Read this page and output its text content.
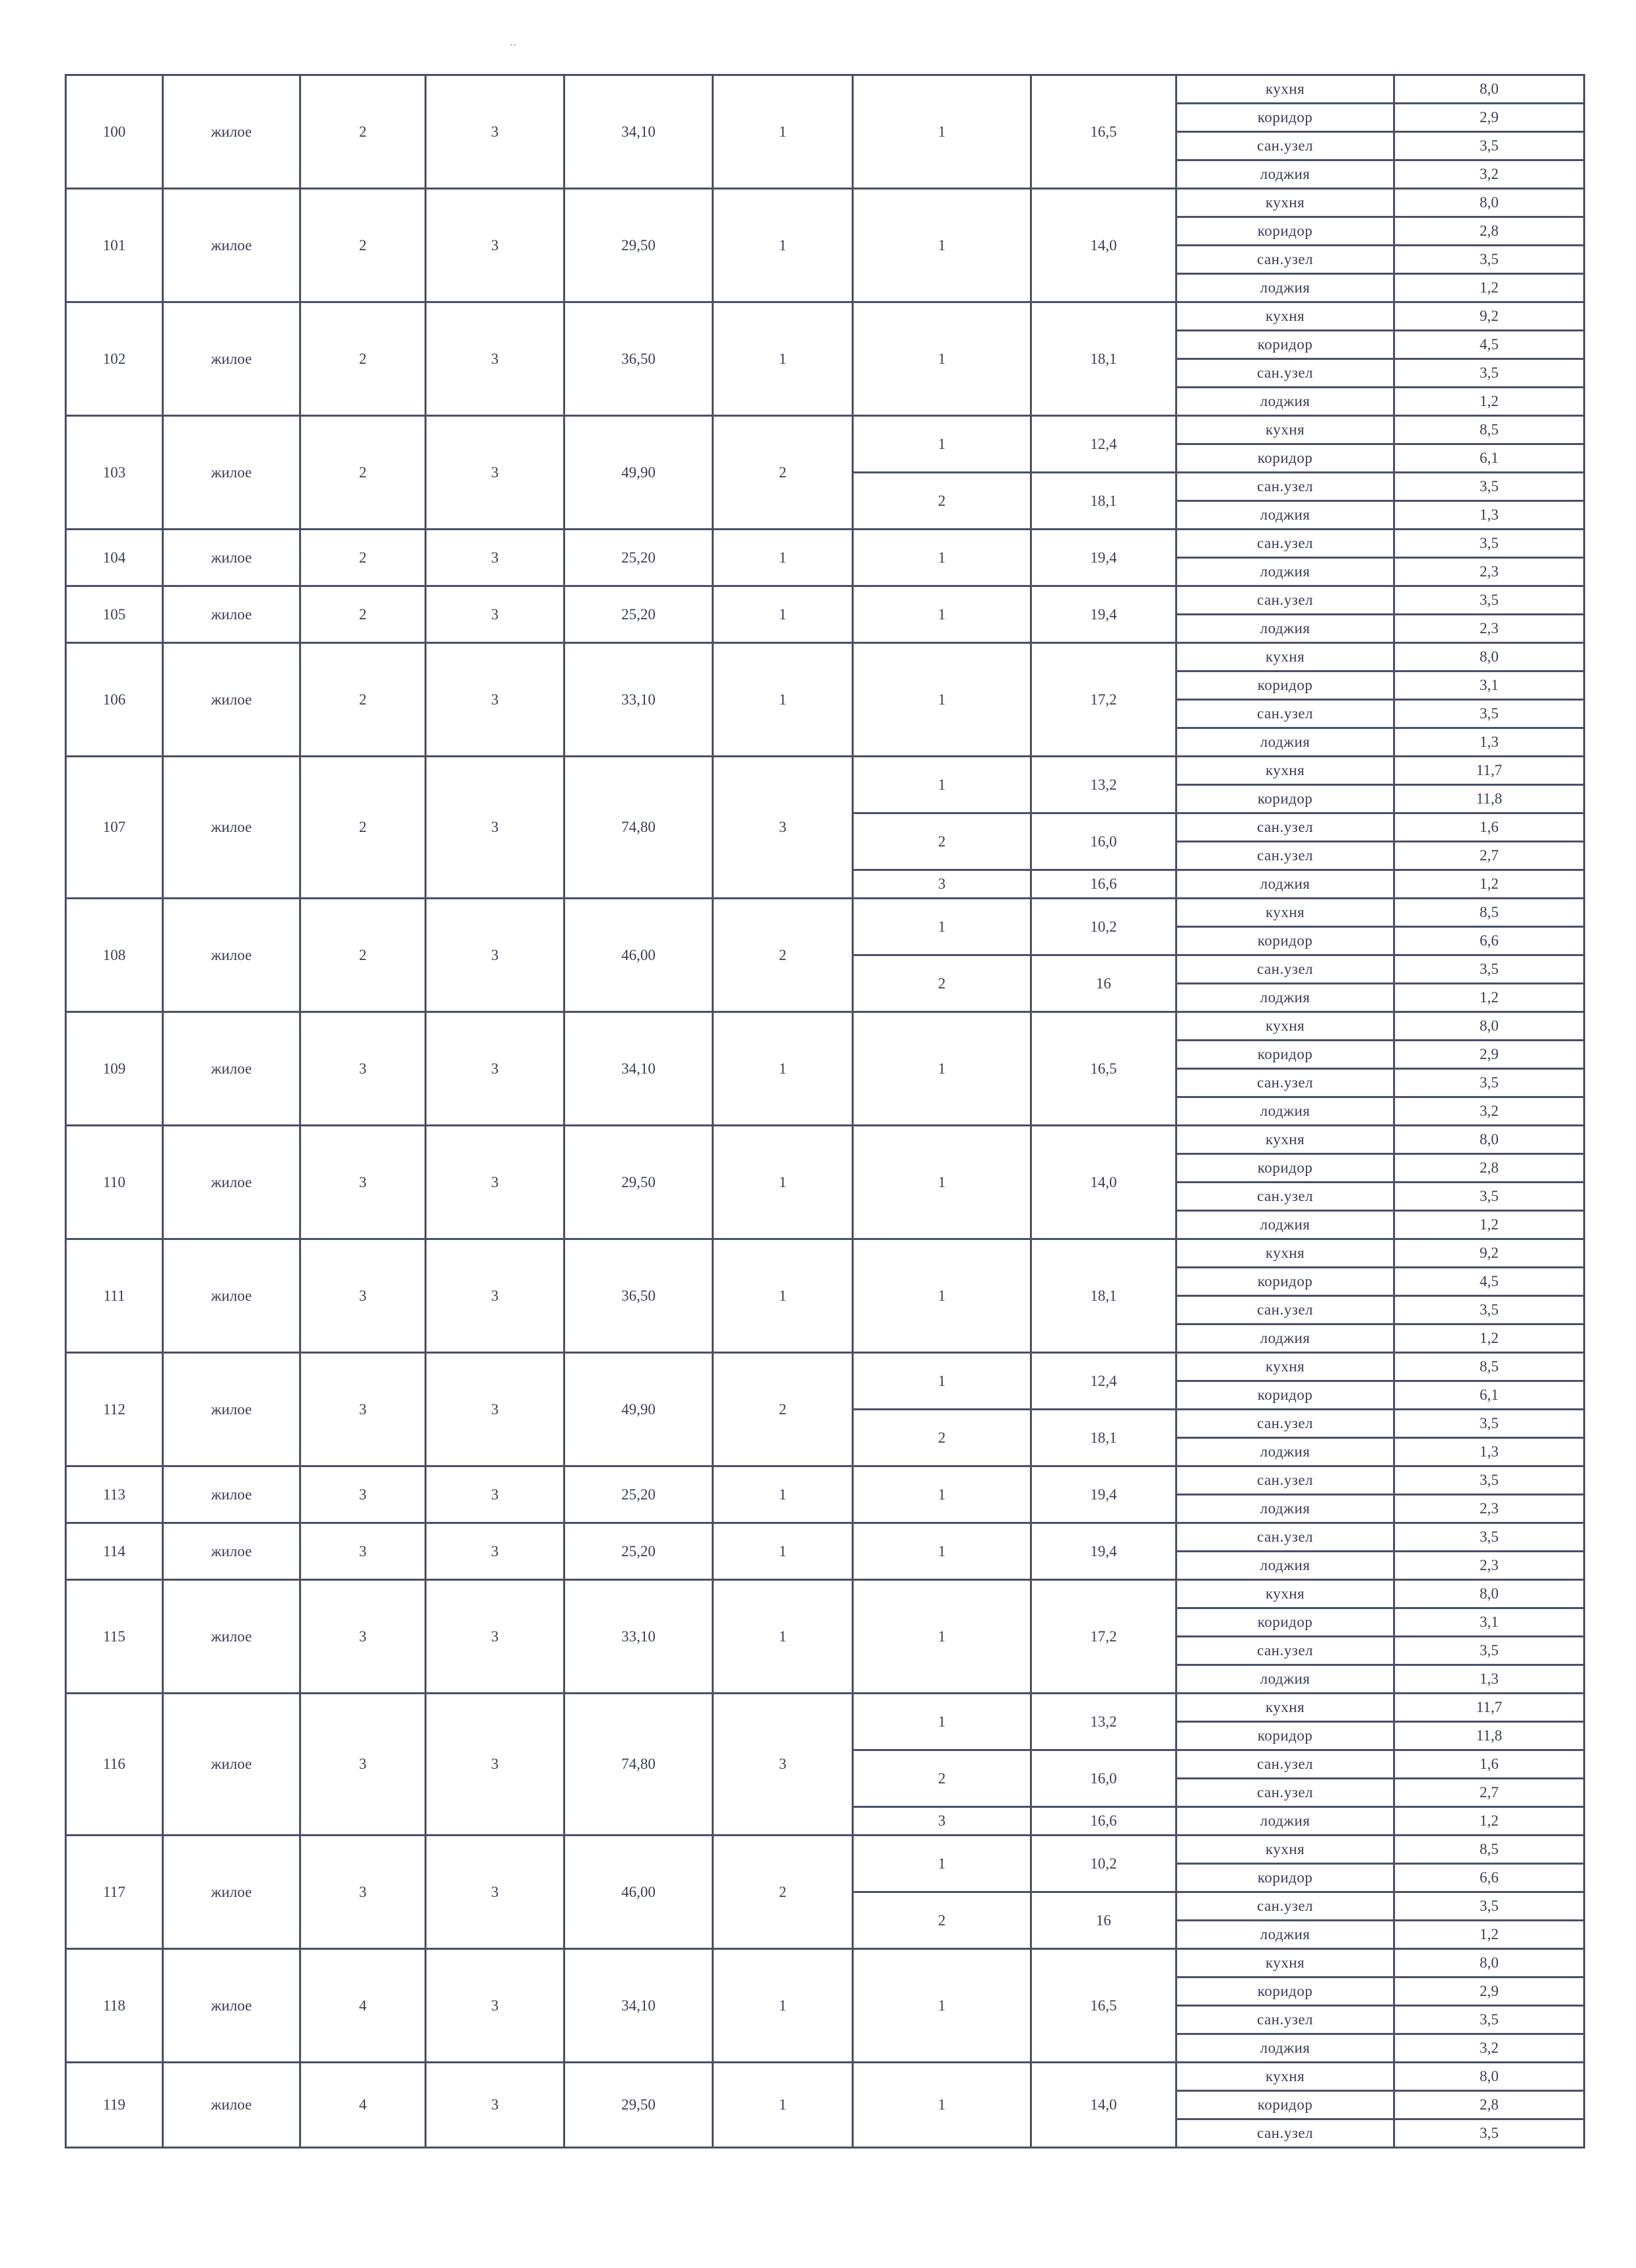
..
100	жилое	2	3	34,10	1	1	16,5	кухня	8,0
								коридор	2,9
								сан.узел	3,5
								лоджия	3,2
101	жилое	2	3	29,50	1	1	14,0	кухня	8,0
								коридор	2,8
								сан.узел	3,5
								лоджия	1,2
102	жилое	2	3	36,50	1	1	18,1	кухня	9,2
								коридор	4,5
								сан.узел	3,5
								лоджия	1,2
103	жилое	2	3	49,90	2	1	12,4	кухня	8,5
								коридор	6,1
						2	18,1	сан.узел	3,5
								лоджия	1,3
104	жилое	2	3	25,20	1	1	19,4	сан.узел	3,5
								лоджия	2,3
105	жилое	2	3	25,20	1	1	19,4	сан.узел	3,5
								лоджия	2,3
106	жилое	2	3	33,10	1	1	17,2	кухня	8,0
								коридор	3,1
								сан.узел	3,5
								лоджия	1,3
107	жилое	2	3	74,80	3	1	13,2	кухня	11,7
								коридор	11,8
						2	16,0	сан.узел	1,6
								сан.узел	2,7
						3	16,6	лоджия	1,2
108	жилое	2	3	46,00	2	1	10,2	кухня	8,5
								коридор	6,6
						2	16	сан.узел	3,5
								лоджия	1,2
109	жилое	3	3	34,10	1	1	16,5	кухня	8,0
								коридор	2,9
								сан.узел	3,5
								лоджия	3,2
110	жилое	3	3	29,50	1	1	14,0	кухня	8,0
								коридор	2,8
								сан.узел	3,5
								лоджия	1,2
111	жилое	3	3	36,50	1	1	18,1	кухня	9,2
								коридор	4,5
								сан.узел	3,5
								лоджия	1,2
112	жилое	3	3	49,90	2	1	12,4	кухня	8,5
								коридор	6,1
						2	18,1	сан.узел	3,5
								лоджия	1,3
113	жилое	3	3	25,20	1	1	19,4	сан.узел	3,5
								лоджия	2,3
114	жилое	3	3	25,20	1	1	19,4	сан.узел	3,5
								лоджия	2,3
115	жилое	3	3	33,10	1	1	17,2	кухня	8,0
								коридор	3,1
								сан.узел	3,5
								лоджия	1,3
116	жилое	3	3	74,80	3	1	13,2	кухня	11,7
								коридор	11,8
						2	16,0	сан.узел	1,6
								сан.узел	2,7
						3	16,6	лоджия	1,2
117	жилое	3	3	46,00	2	1	10,2	кухня	8,5
								коридор	6,6
						2	16	сан.узел	3,5
								лоджия	1,2
118	жилое	4	3	34,10	1	1	16,5	кухня	8,0
								коридор	2,9
								сан.узел	3,5
								лоджия	3,2
119	жилое	4	3	29,50	1	1	14,0	кухня	8,0
								коридор	2,8
								сан.узел	3,5
